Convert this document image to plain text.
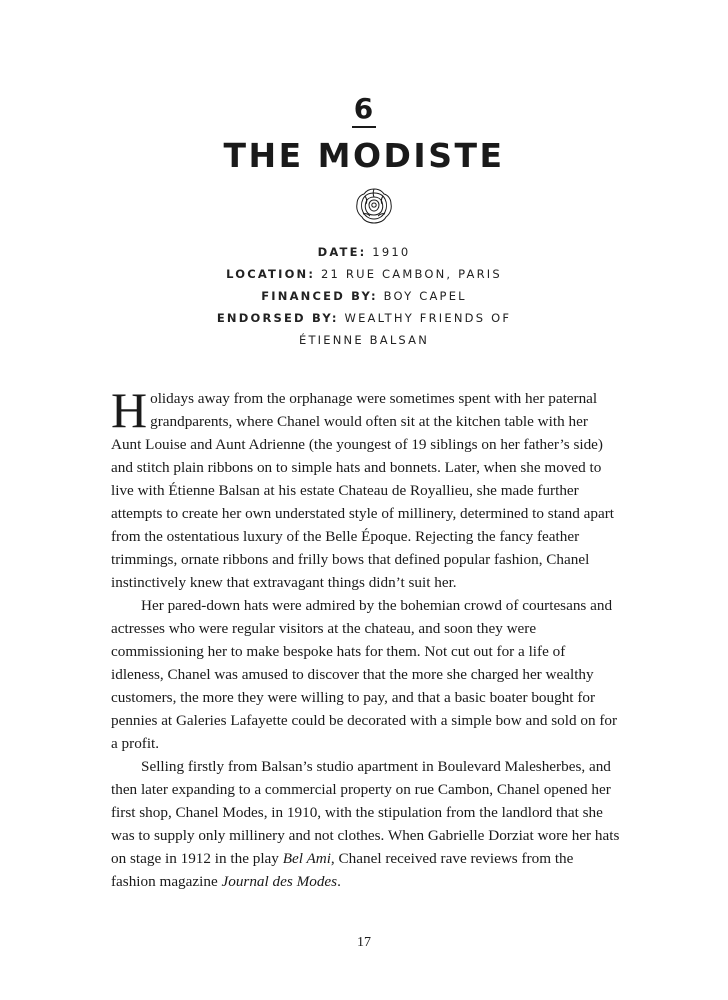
6
THE MODISTE
DATE: 1910
LOCATION: 21 RUE CAMBON, PARIS
FINANCED BY: BOY CAPEL
ENDORSED BY: WEALTHY FRIENDS OF ÉTIENNE BALSAN

Holidays away from the orphanage were sometimes spent with her paternal grandparents, where Chanel would often sit at the kitchen table with her Aunt Louise and Aunt Adrienne (the youngest of 19 siblings on her father’s side) and stitch plain ribbons on to simple hats and bonnets. Later, when she moved to live with Étienne Balsan at his estate Chateau de Royallieu, she made further attempts to create her own understated style of millinery, determined to stand apart from the ostentatious luxury of the Belle Époque. Rejecting the fancy feather trimmings, ornate ribbons and frilly bows that defined popular fashion, Chanel instinctively knew that extravagant things didn’t suit her.

Her pared-down hats were admired by the bohemian crowd of courtesans and actresses who were regular visitors at the chateau, and soon they were commissioning her to make bespoke hats for them. Not cut out for a life of idleness, Chanel was amused to discover that the more she charged her wealthy customers, the more they were willing to pay, and that a basic boater bought for pennies at Galeries Lafayette could be decorated with a simple bow and sold on for a profit.

Selling firstly from Balsan’s studio apartment in Boulevard Malesherbes, and then later expanding to a commercial property on rue Cambon, Chanel opened her first shop, Chanel Modes, in 1910, with the stipulation from the landlord that she was to supply only millinery and not clothes. When Gabrielle Dorziat wore her hats on stage in 1912 in the play Bel Ami, Chanel received rave reviews from the fashion magazine Journal des Modes.

17
